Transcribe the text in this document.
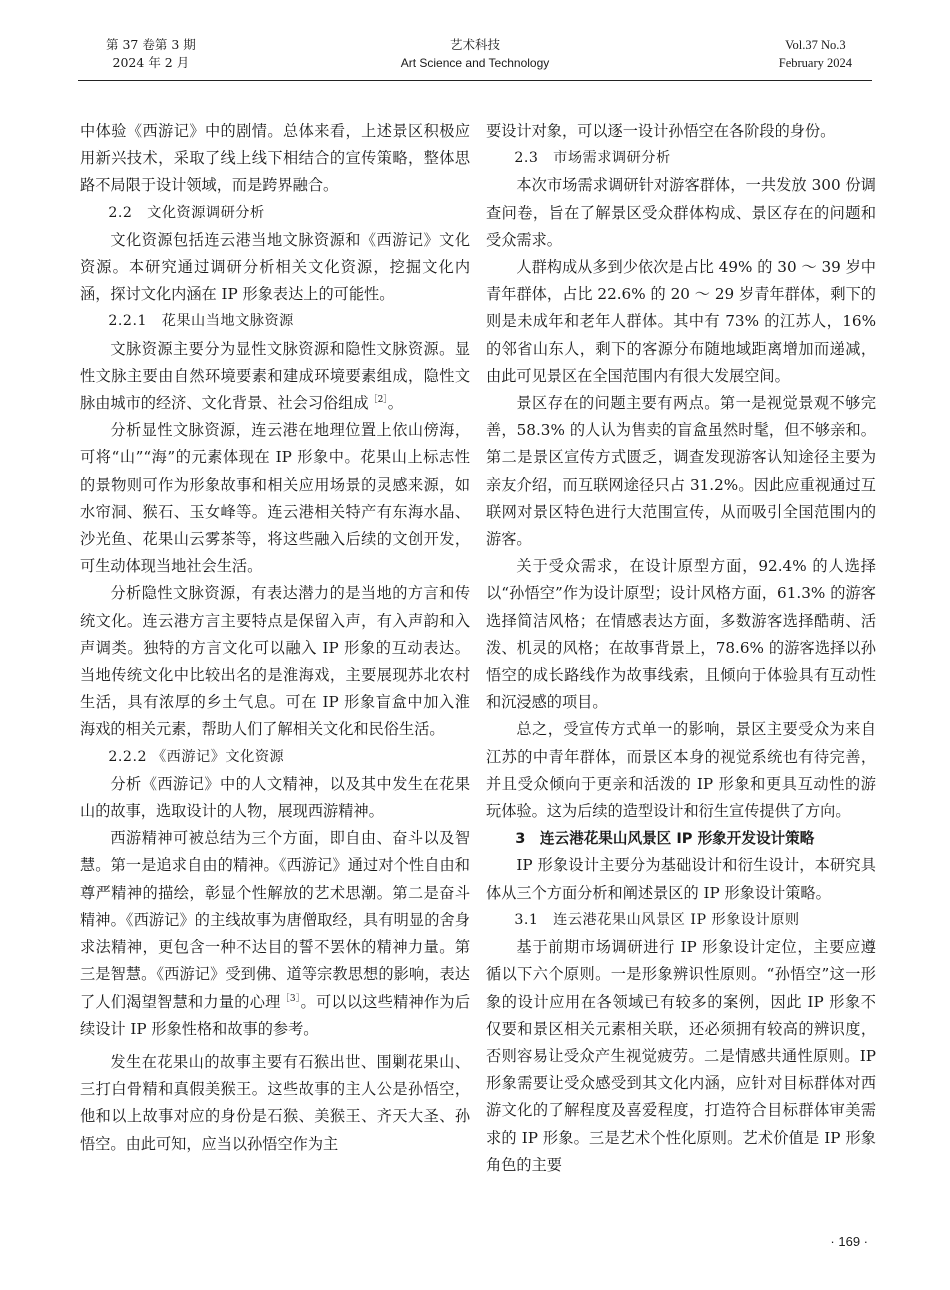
第 37 卷第 3 期
2024 年 2 月
艺术科技
Art Science and Technology
Vol.37 No.3
February 2024

中体验《西游记》中的剧情。总体来看，上述景区积极应用新兴技术，采取了线上线下相结合的宣传策略，整体思路不局限于设计领域，而是跨界融合。

2.2　文化资源调研分析

文化资源包括连云港当地文脉资源和《西游记》文化资源。本研究通过调研分析相关文化资源，挖掘文化内涵，探讨文化内涵在 IP 形象表达上的可能性。

2.2.1　花果山当地文脉资源

文脉资源主要分为显性文脉资源和隐性文脉资源。显性文脉主要由自然环境要素和建成环境要素组成，隐性文脉由城市的经济、文化背景、社会习俗组成$^{[2]}$。

分析显性文脉资源，连云港在地理位置上依山傍海，可将“山”“海”的元素体现在 IP 形象中。花果山上标志性的景物则可作为形象故事和相关应用场景的灵感来源，如水帘洞、猴石、玉女峰等。连云港相关特产有东海水晶、沙光鱼、花果山云雾茶等，将这些融入后续的文创开发，可生动体现当地社会生活。

分析隐性文脉资源，有表达潜力的是当地的方言和传统文化。连云港方言主要特点是保留入声，有入声韵和入声调类。独特的方言文化可以融入 IP 形象的互动表达。当地传统文化中比较出名的是淮海戏，主要展现苏北农村生活，具有浓厚的乡土气息。可在 IP 形象盲盒中加入淮海戏的相关元素，帮助人们了解相关文化和民俗生活。

2.2.2 《西游记》文化资源

分析《西游记》中的人文精神，以及其中发生在花果山的故事，选取设计的人物，展现西游精神。

西游精神可被总结为三个方面，即自由、奋斗以及智慧。第一是追求自由的精神。《西游记》通过对个性自由和尊严精神的描绘，彰显个性解放的艺术思潮。第二是奋斗精神。《西游记》的主线故事为唐僧取经，具有明显的舍身求法精神，更包含一种不达目的誓不罢休的精神力量。第三是智慧。《西游记》受到佛、道等宗教思想的影响，表达了人们渴望智慧和力量的心理$^{[3]}$。可以以这些精神作为后续设计 IP 形象性格和故事的参考。

发生在花果山的故事主要有石猴出世、围剿花果山、三打白骨精和真假美猴王。这些故事的主人公是孙悟空，他和以上故事对应的身份是石猴、美猴王、齐天大圣、孙悟空。由此可知，应当以孙悟空作为主

要设计对象，可以逐一设计孙悟空在各阶段的身份。

2.3　市场需求调研分析

本次市场需求调研针对游客群体，一共发放 300 份调查问卷，旨在了解景区受众群体构成、景区存在的问题和受众需求。

人群构成从多到少依次是占比 49% 的 30 ～ 39 岁中青年群体，占比 22.6% 的 20 ～ 29 岁青年群体，剩下的则是未成年和老年人群体。其中有 73% 的江苏人，16% 的邻省山东人，剩下的客源分布随地域距离增加而递减，由此可见景区在全国范围内有很大发展空间。

景区存在的问题主要有两点。第一是视觉景观不够完善，58.3% 的人认为售卖的盲盒虽然时髦，但不够亲和。第二是景区宣传方式匮乏，调查发现游客认知途径主要为亲友介绍，而互联网途径只占 31.2%。因此应重视通过互联网对景区特色进行大范围宣传，从而吸引全国范围内的游客。

关于受众需求，在设计原型方面，92.4% 的人选择以“孙悟空”作为设计原型；设计风格方面，61.3% 的游客选择简洁风格；在情感表达方面，多数游客选择酷萌、活泼、机灵的风格；在故事背景上，78.6% 的游客选择以孙悟空的成长路线作为故事线索，且倾向于体验具有互动性和沉浸感的项目。

总之，受宣传方式单一的影响，景区主要受众为来自江苏的中青年群体，而景区本身的视觉系统也有待完善，并且受众倾向于更亲和活泼的 IP 形象和更具互动性的游玩体验。这为后续的造型设计和衍生宣传提供了方向。

3　连云港花果山风景区 IP 形象开发设计策略

IP 形象设计主要分为基础设计和衍生设计，本研究具体从三个方面分析和阐述景区的 IP 形象设计策略。

3.1　连云港花果山风景区 IP 形象设计原则

基于前期市场调研进行 IP 形象设计定位，主要应遵循以下六个原则。一是形象辨识性原则。“孙悟空”这一形象的设计应用在各领域已有较多的案例，因此 IP 形象不仅要和景区相关元素相关联，还必须拥有较高的辨识度，否则容易让受众产生视觉疲劳。二是情感共通性原则。IP 形象需要让受众感受到其文化内涵，应针对目标群体对西游文化的了解程度及喜爱程度，打造符合目标群体审美需求的 IP 形象。三是艺术个性化原则。艺术价值是 IP 形象角色的主要

· 169 ·
